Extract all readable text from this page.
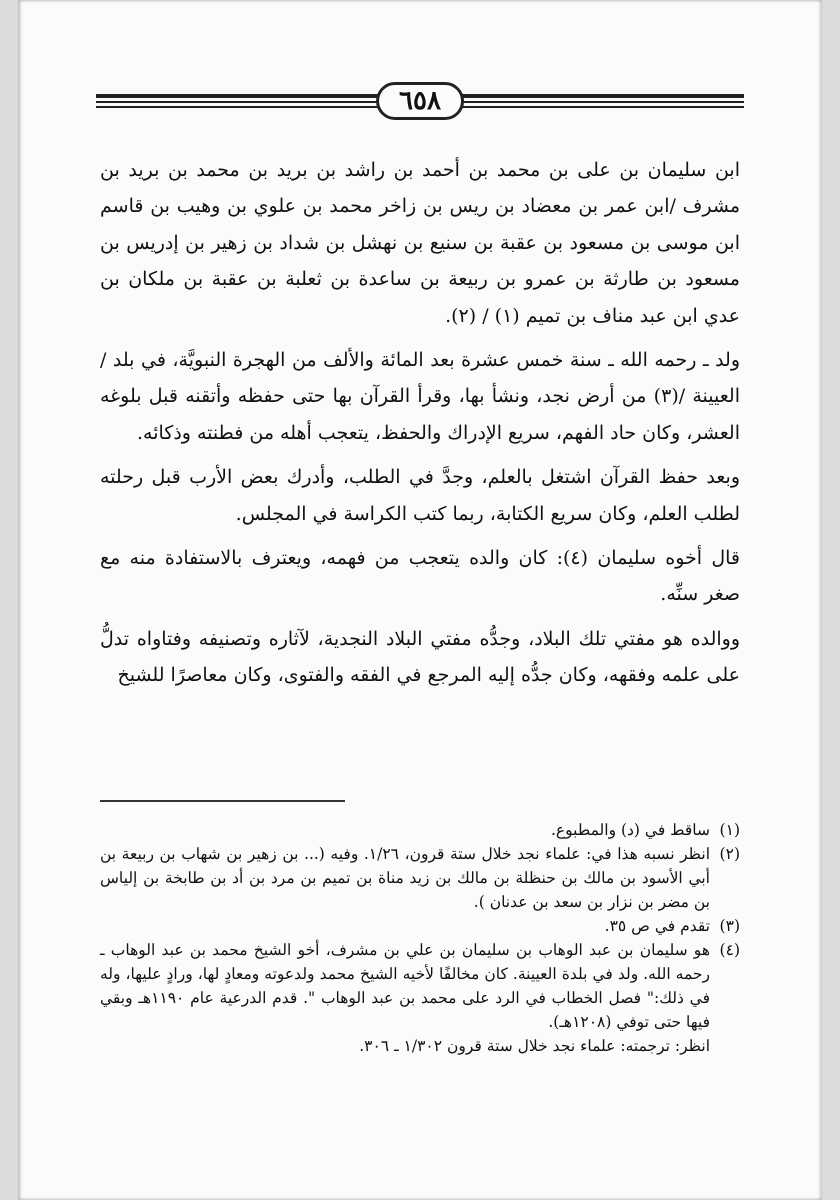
٦٥٨

ابن سليمان بن على بن محمد بن أحمد بن راشد بن بريد بن محمد بن بريد بن مشرف /ابن عمر بن معضاد بن ريس بن زاخر محمد بن علوي بن وهيب بن قاسم ابن موسى بن مسعود بن عقبة بن سنيع بن نهشل بن شداد بن زهير بن إدريس بن مسعود بن طارثة بن عمرو بن ربيعة بن ساعدة بن ثعلبة بن عقبة بن ملكان بن عدي ابن عبد مناف بن تميم (١) / (٢).

ولد ـ رحمه الله ـ سنة خمس عشرة بعد المائة والألف من الهجرة النبويَّة، في بلد /العيينة /(٣) من أرض نجد، ونشأ بها، وقرأ القرآن بها حتى حفظه وأتقنه قبل بلوغه العشر، وكان حاد الفهم، سريع الإدراك والحفظ، يتعجب أهله من فطنته وذكائه.

وبعد حفظ القرآن اشتغل بالعلم، وجدَّ في الطلب، وأدرك بعض الأرب قبل رحلته لطلب العلم، وكان سريع الكتابة، ربما كتب الكراسة في المجلس.

قال أخوه سليمان (٤): كان والده يتعجب من فهمه، ويعترف بالاستفادة منه مع صغر سنِّه.

ووالده هو مفتي تلك البلاد، وجدُّه مفتي البلاد النجدية، لآثاره وتصنيفه وفتاواه تدلُّ على علمه وفقهه، وكان جدُّه إليه المرجع في الفقه والفتوى، وكان معاصرًا للشيخ

(١)
ساقط في (د) والمطبوع.
(٢)
انظر نسبه هذا في: علماء نجد خلال ستة قرون، ١/٢٦. وفيه (... بن زهير بن شهاب بن ربيعة بن أبي الأسود بن مالك بن حنظلة بن مالك بن زيد مناة بن تميم بن مرد بن أد بن طابخة بن إلياس بن مضر بن نزار بن سعد بن عدنان ).
(٣)
تقدم في ص ٣٥.
(٤)
هو سليمان بن عبد الوهاب بن سليمان بن علي بن مشرف، أخو الشيخ محمد بن عبد الوهاب ـ رحمه الله. ولد في بلدة العيينة. كان مخالفًا لأخيه الشيخ محمد ولدعوته ومعادٍ لها، ورادٍ عليها، وله في ذلك:" فصل الخطاب في الرد على محمد بن عبد الوهاب ". قدم الدرعية عام ١١٩٠هـ وبقي فيها حتى توفي (١٢٠٨هـ).
انظر: ترجمته: علماء نجد خلال ستة قرون ١/٣٠٢ ـ ٣٠٦.
